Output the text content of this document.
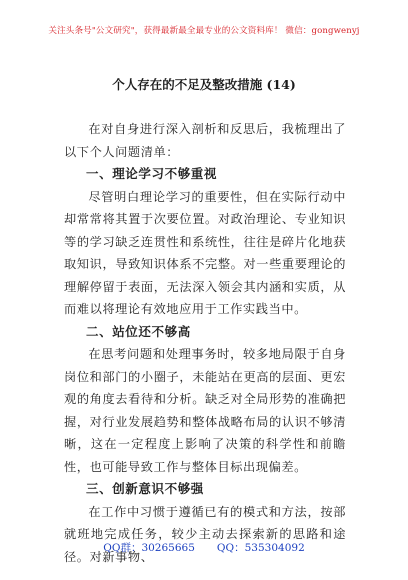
关注头条号"公文研究"，获得最新最全最专业的公文资料库！ 微信：gongwenyj
个人存在的不足及整改措施 (14)

在对自身进行深入剖析和反思后，我梳理出了以下个人问题清单：

一、理论学习不够重视

尽管明白理论学习的重要性，但在实际行动中却常常将其置于次要位置。对政治理论、专业知识等的学习缺乏连贯性和系统性，往往是碎片化地获取知识，导致知识体系不完整。对一些重要理论的理解停留于表面，无法深入领会其内涵和实质，从而难以将理论有效地应用于工作实践当中。

二、站位还不够高

在思考问题和处理事务时，较多地局限于自身岗位和部门的小圈子，未能站在更高的层面、更宏观的角度去看待和分析。缺乏对全局形势的准确把握，对行业发展趋势和整体战略布局的认识不够清晰，这在一定程度上影响了决策的科学性和前瞻性，也可能导致工作与整体目标出现偏差。

三、创新意识不够强

在工作中习惯于遵循已有的模式和方法，按部就班地完成任务，较少主动去探索新的思路和途径。对新事物、

QQ群：30265665 QQ：535304092
